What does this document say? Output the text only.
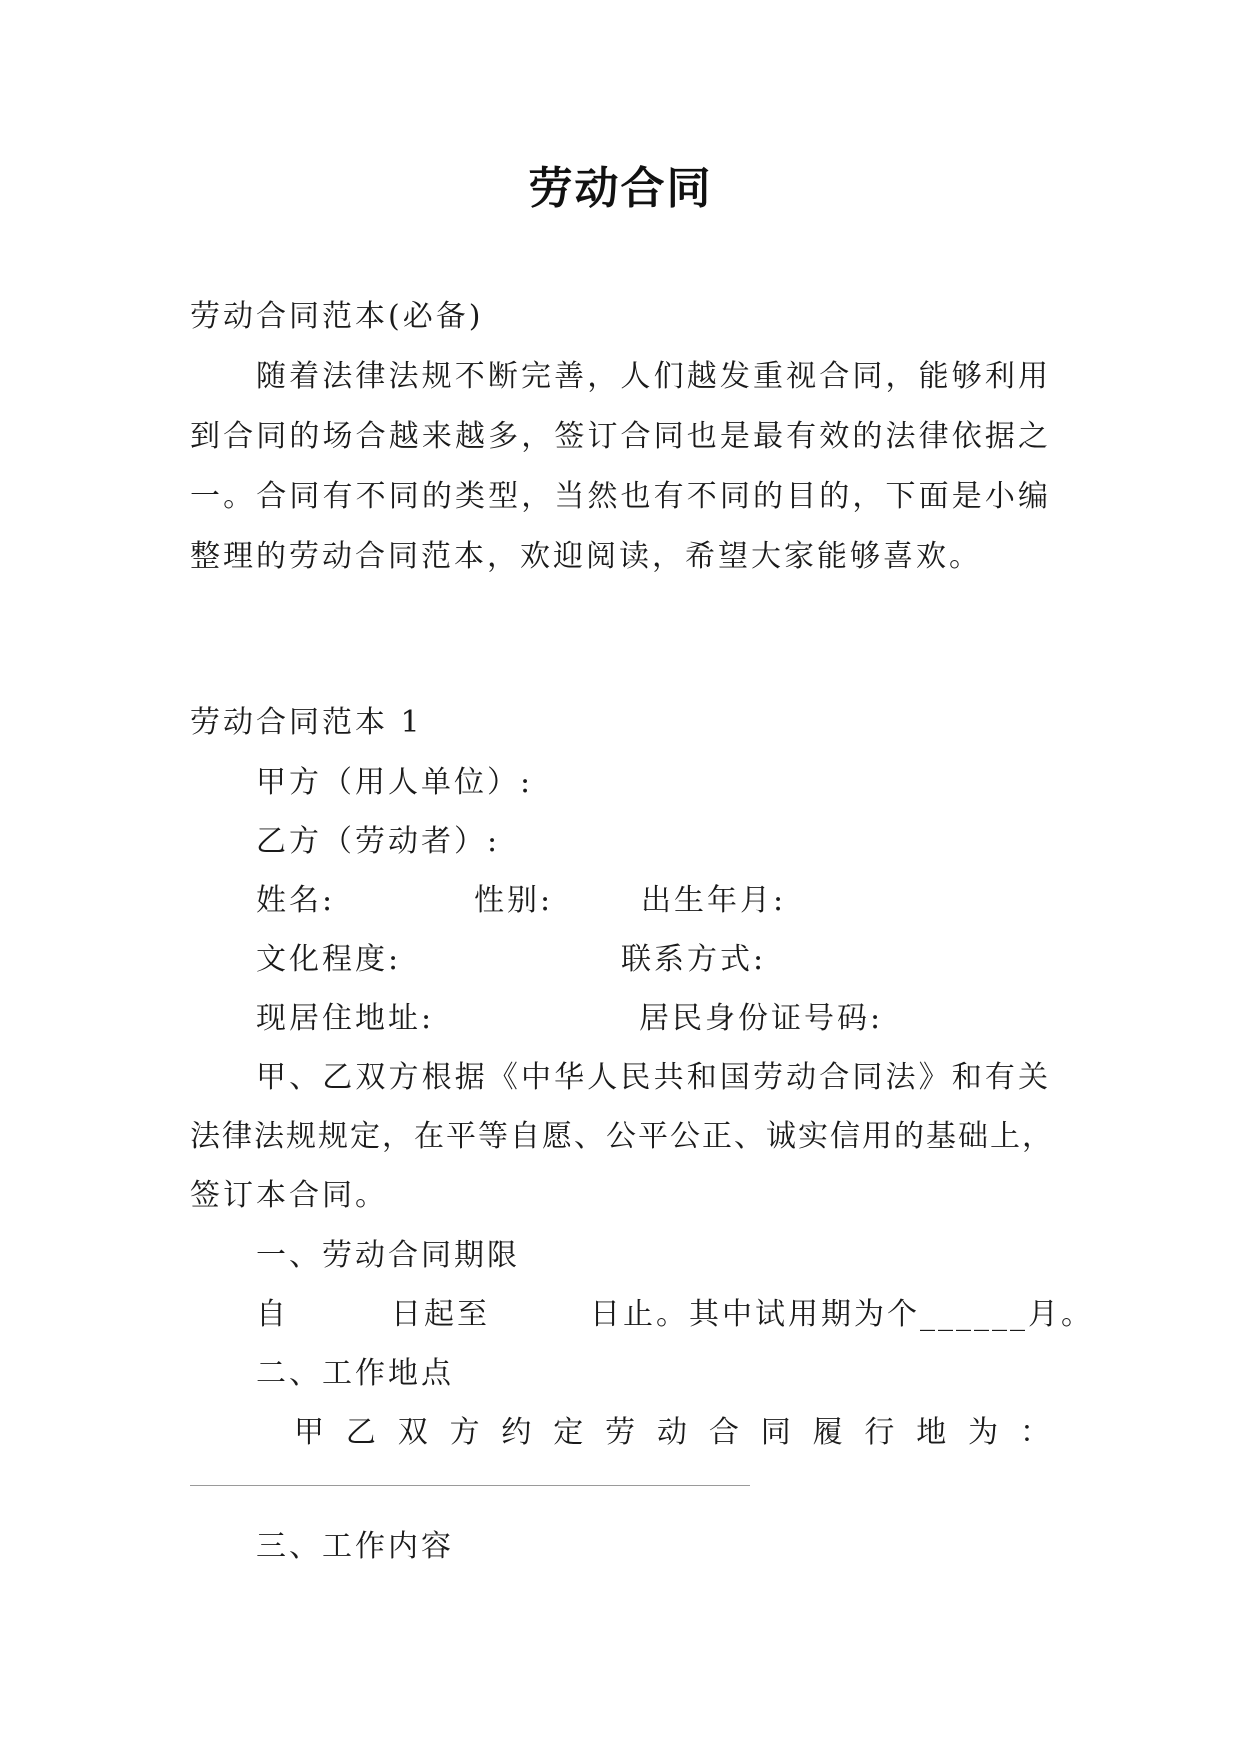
劳动合同
劳动合同范本(必备)
随着法律法规不断完善，人们越发重视合同，能够利用
到合同的场合越来越多，签订合同也是最有效的法律依据之
一。合同有不同的类型，当然也有不同的目的，下面是小编
整理的劳动合同范本，欢迎阅读，希望大家能够喜欢。
劳动合同范本 1
甲方（用人单位）:
乙方（劳动者）:
姓名:	性别:	出生年月:
文化程度:	联系方式:
现居住地址:	居民身份证号码:
甲、乙双方根据《中华人民共和国劳动合同法》和有关
法律法规规定，在平等自愿、公平公正、诚实信用的基础上，
签订本合同。
一、劳动合同期限
自	日起至	日止。其中试用期为个______月。
二、工作地点
甲乙双方约定劳动合同履行地为：
三、工作内容
